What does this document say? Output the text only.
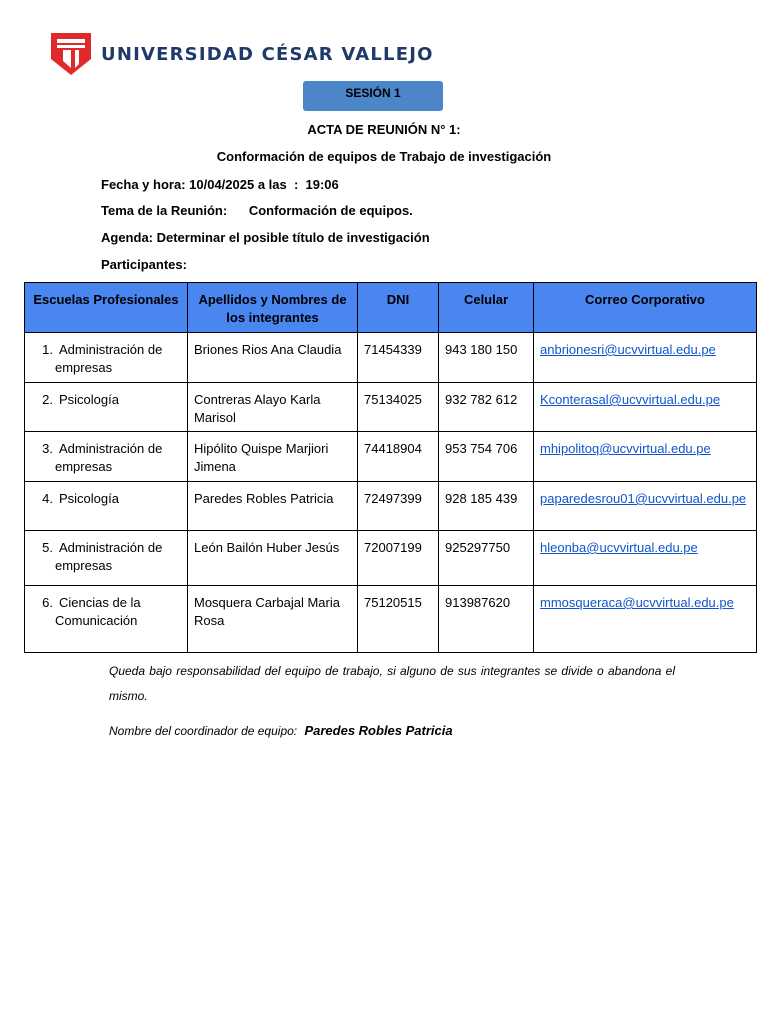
UNIVERSIDAD CÉSAR VALLEJO
SESIÓN 1
ACTA DE REUNIÓN N° 1:
Conformación de equipos de Trabajo de investigación
Fecha y hora: 10/04/2025 a las  :  19:06
Tema de la Reunión:      Conformación de equipos.
Agenda: Determinar el posible título de investigación
Participantes:
Escuelas Profesionales	Apellidos y Nombres de los integrantes	DNI	Celular	Correo Corporativo
1. Administración de empresas	Briones Rios Ana Claudia	71454339	943 180 150	anbrionesri@ucvvirtual.edu.pe
2. Psicología	Contreras Alayo Karla Marisol	75134025	932 782 612	Kconterasal@ucvvirtual.edu.pe
3. Administración de empresas	Hipólito Quispe Marjiori Jimena	74418904	953 754 706	mhipolitoq@ucvvirtual.edu.pe
4. Psicología	Paredes Robles Patricia	72497399	928 185 439	paparedesrou01@ucvvirtual.edu.pe
5. Administración de empresas	León Bailón Huber Jesús	72007199	925297750	hleonba@ucvvirtual.edu.pe
6. Ciencias de la Comunicación	Mosquera Carbajal Maria Rosa	75120515	913987620	mmosqueraca@ucvvirtual.edu.pe
Queda bajo responsabilidad del equipo de trabajo, si alguno de sus integrantes se divide o abandona el mismo.
Nombre del coordinador de equipo: Paredes Robles Patricia
